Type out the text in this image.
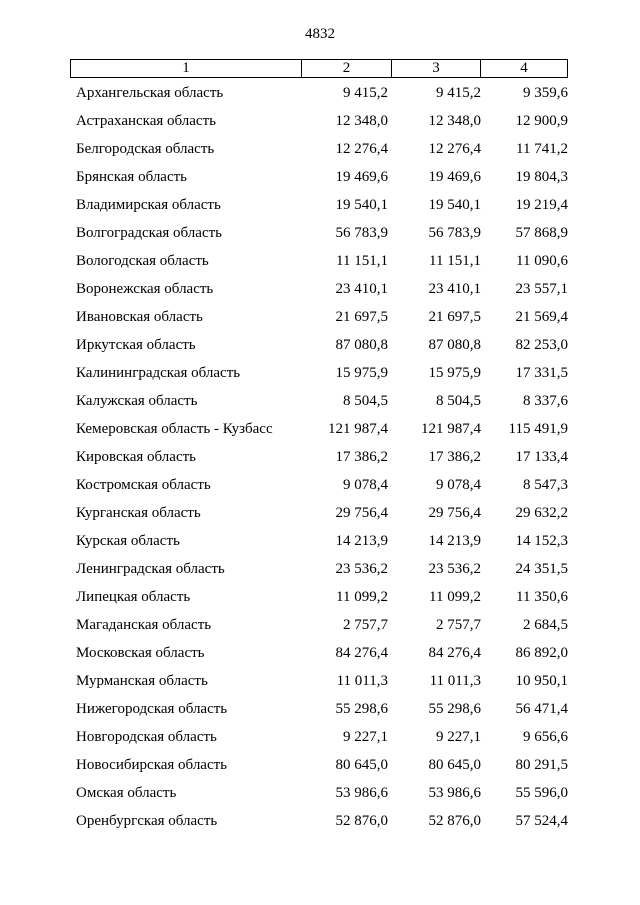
4832
1	2	3	4
Архангельская область	9 415,2	9 415,2	9 359,6
Астраханская область	12 348,0	12 348,0	12 900,9
Белгородская область	12 276,4	12 276,4	11 741,2
Брянская область	19 469,6	19 469,6	19 804,3
Владимирская область	19 540,1	19 540,1	19 219,4
Волгоградская область	56 783,9	56 783,9	57 868,9
Вологодская область	11 151,1	11 151,1	11 090,6
Воронежская область	23 410,1	23 410,1	23 557,1
Ивановская область	21 697,5	21 697,5	21 569,4
Иркутская область	87 080,8	87 080,8	82 253,0
Калининградская область	15 975,9	15 975,9	17 331,5
Калужская область	8 504,5	8 504,5	8 337,6
Кемеровская область - Кузбасс	121 987,4	121 987,4	115 491,9
Кировская область	17 386,2	17 386,2	17 133,4
Костромская область	9 078,4	9 078,4	8 547,3
Курганская область	29 756,4	29 756,4	29 632,2
Курская область	14 213,9	14 213,9	14 152,3
Ленинградская область	23 536,2	23 536,2	24 351,5
Липецкая область	11 099,2	11 099,2	11 350,6
Магаданская область	2 757,7	2 757,7	2 684,5
Московская область	84 276,4	84 276,4	86 892,0
Мурманская область	11 011,3	11 011,3	10 950,1
Нижегородская область	55 298,6	55 298,6	56 471,4
Новгородская область	9 227,1	9 227,1	9 656,6
Новосибирская область	80 645,0	80 645,0	80 291,5
Омская область	53 986,6	53 986,6	55 596,0
Оренбургская область	52 876,0	52 876,0	57 524,4
